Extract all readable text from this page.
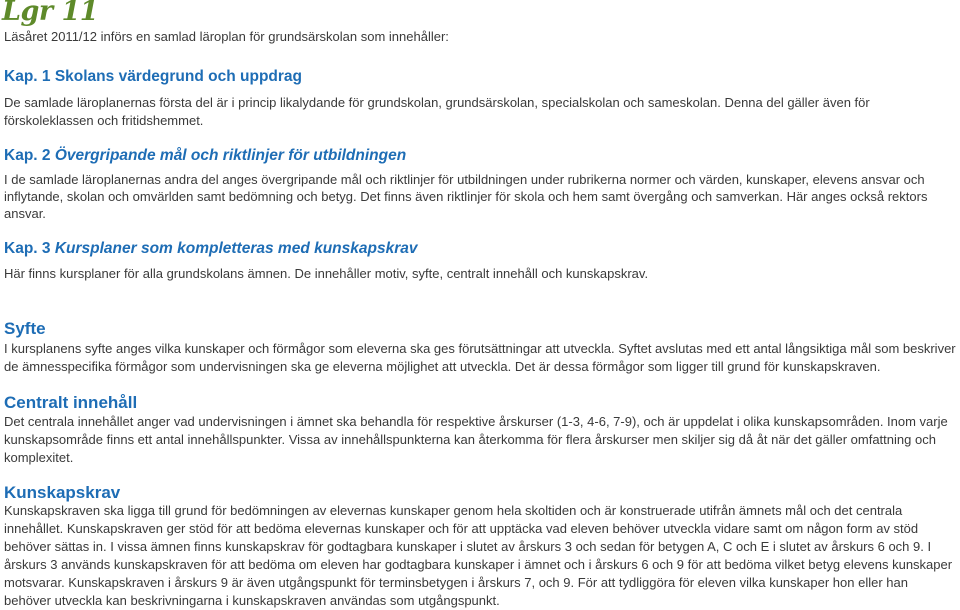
Lgr 11

Läsåret 2011/12 införs en samlad läroplan för grundsärskolan som innehåller:

Kap. 1 Skolans värdegrund och uppdrag

De samlade läroplanernas första del är i princip likalydande för grundskolan, grundsärskolan, specialskolan och sameskolan. Denna del gäller även för förskoleklassen och fritidshemmet.

Kap. 2 Övergripande mål och riktlinjer för utbildningen

I de samlade läroplanernas andra del anges övergripande mål och riktlinjer för utbildningen under rubrikerna normer och värden, kunskaper, elevens ansvar och inflytande, skolan och omvärlden samt bedömning och betyg. Det finns även riktlinjer för skola och hem samt övergång och samverkan. Här anges också rektors ansvar.

Kap. 3 Kursplaner som kompletteras med kunskapskrav

Här finns kursplaner för alla grundskolans ämnen. De innehåller motiv, syfte, centralt innehåll och kunskapskrav.

Syfte

I kursplanens syfte anges vilka kunskaper och förmågor som eleverna ska ges förutsättningar att utveckla. Syftet avslutas med ett antal långsiktiga mål som beskriver de ämnesspecifika förmågor som undervisningen ska ge eleverna möjlighet att utveckla. Det är dessa förmågor som ligger till grund för kunskapskraven.

Centralt innehåll

Det centrala innehållet anger vad undervisningen i ämnet ska behandla för respektive årskurser (1-3, 4-6, 7-9), och är uppdelat i olika kunskapsområden. Inom varje kunskapsområde finns ett antal innehållspunkter. Vissa av innehållspunkterna kan återkomma för flera årskurser men skiljer sig då åt när det gäller omfattning och komplexitet.

Kunskapskrav

Kunskapskraven ska ligga till grund för bedömningen av elevernas kunskaper genom hela skoltiden och är konstruerade utifrån ämnets mål och det centrala innehållet. Kunskapskraven ger stöd för att bedöma elevernas kunskaper och för att upptäcka vad eleven behöver utveckla vidare samt om någon form av stöd behöver sättas in. I vissa ämnen finns kunskapskrav för godtagbara kunskaper i slutet av årskurs 3 och sedan för betygen A, C och E i slutet av årskurs 6 och 9. I årskurs 3 används kunskapskraven för att bedöma om eleven har godtagbara kunskaper i ämnet och i årskurs 6 och 9 för att bedöma vilket betyg elevens kunskaper motsvarar. Kunskapskraven i årskurs 9 är även utgångspunkt för terminsbetygen i årskurs 7, och 9. För att tydliggöra för eleven vilka kunskaper hon eller han behöver utveckla kan beskrivningarna i kunskapskraven användas som utgångspunkt.
